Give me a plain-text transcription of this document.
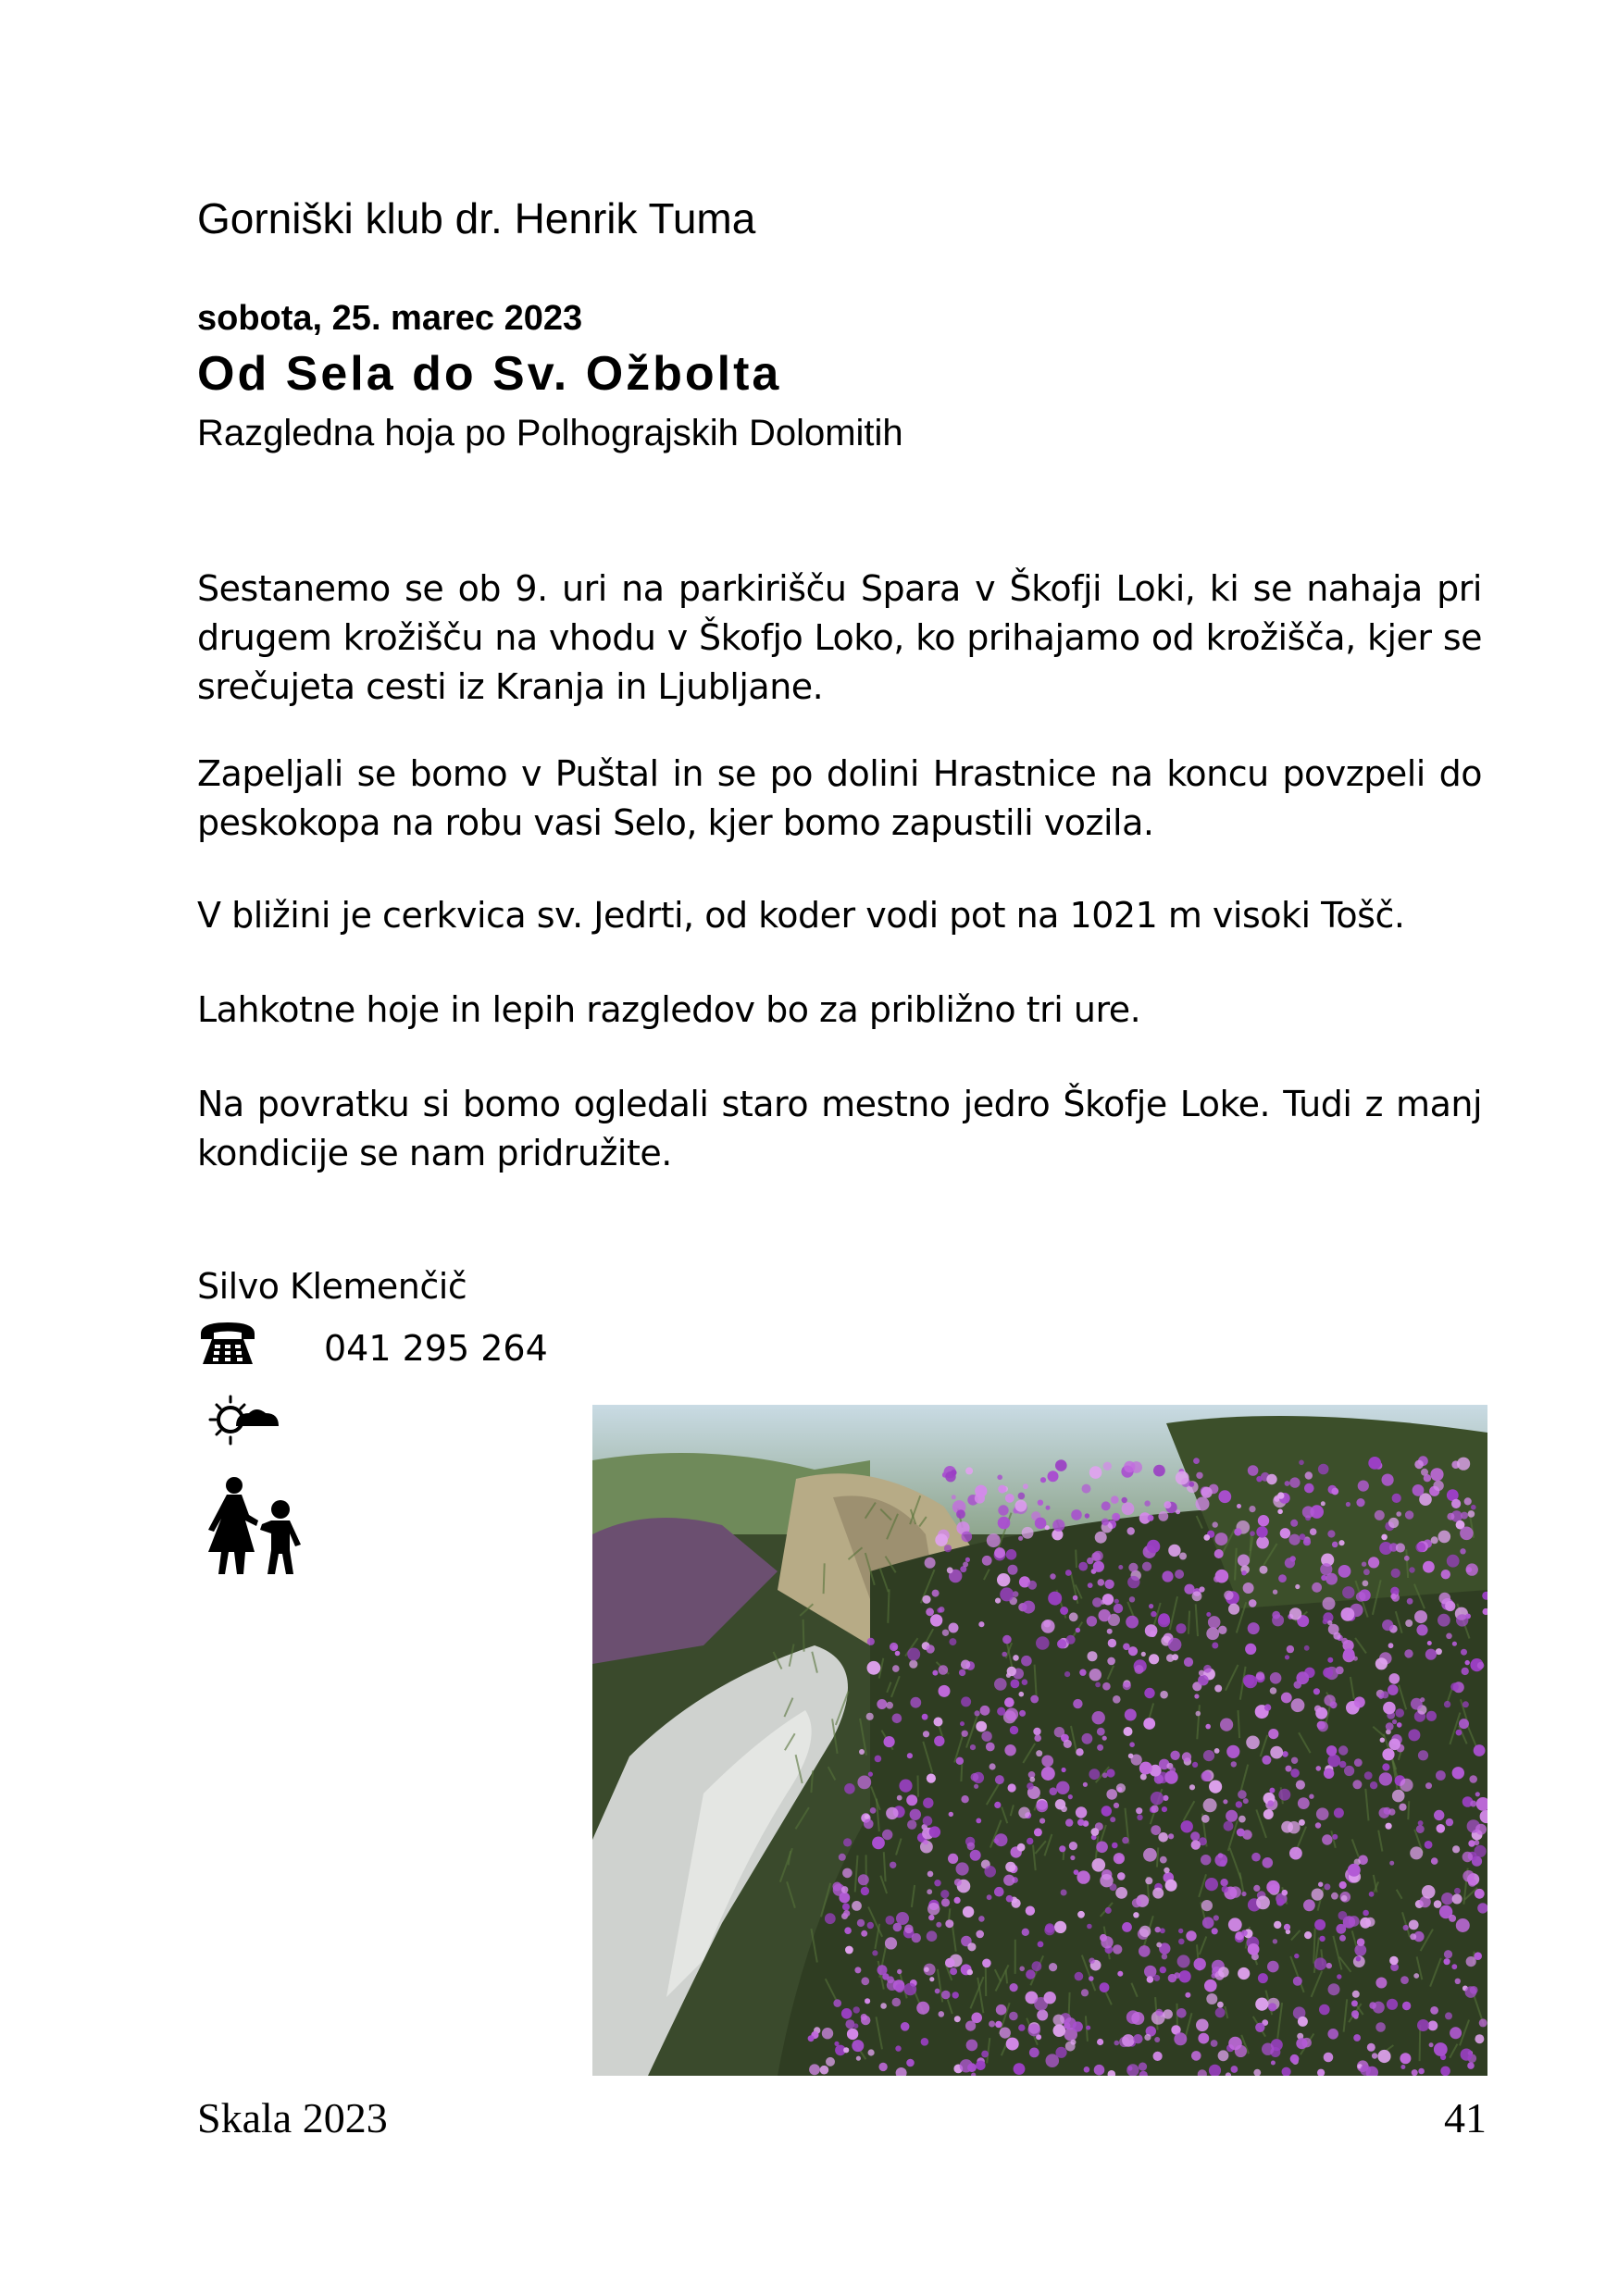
Gorniški klub dr. Henrik Tuma
sobota, 25. marec 2023
Od Sela do Sv. Ožbolta
Razgledna hoja po Polhograjskih Dolomitih
Sestanemo se ob 9. uri na parkirišču Spara v Škofji Loki, ki se nahaja pri drugem krožišču na vhodu v Škofjo Loko, ko prihajamo od krožišča, kjer se srečujeta cesti iz Kranja in Ljubljane.
Zapeljali se bomo v Puštal in se po dolini Hrastnice na koncu povzpeli do peskokopa na robu vasi Selo, kjer bomo zapustili vozila.
V bližini je cerkvica sv. Jedrti, od koder vodi pot na 1021 m visoki Tošč.
Lahkotne hoje in lepih razgledov bo za približno tri ure.
Na povratku si bomo ogledali staro mestno jedro Škofje Loke. Tudi z manj kondicije se nam pridružite.
Silvo Klemenčič
041 295 264
Skala 2023	41
